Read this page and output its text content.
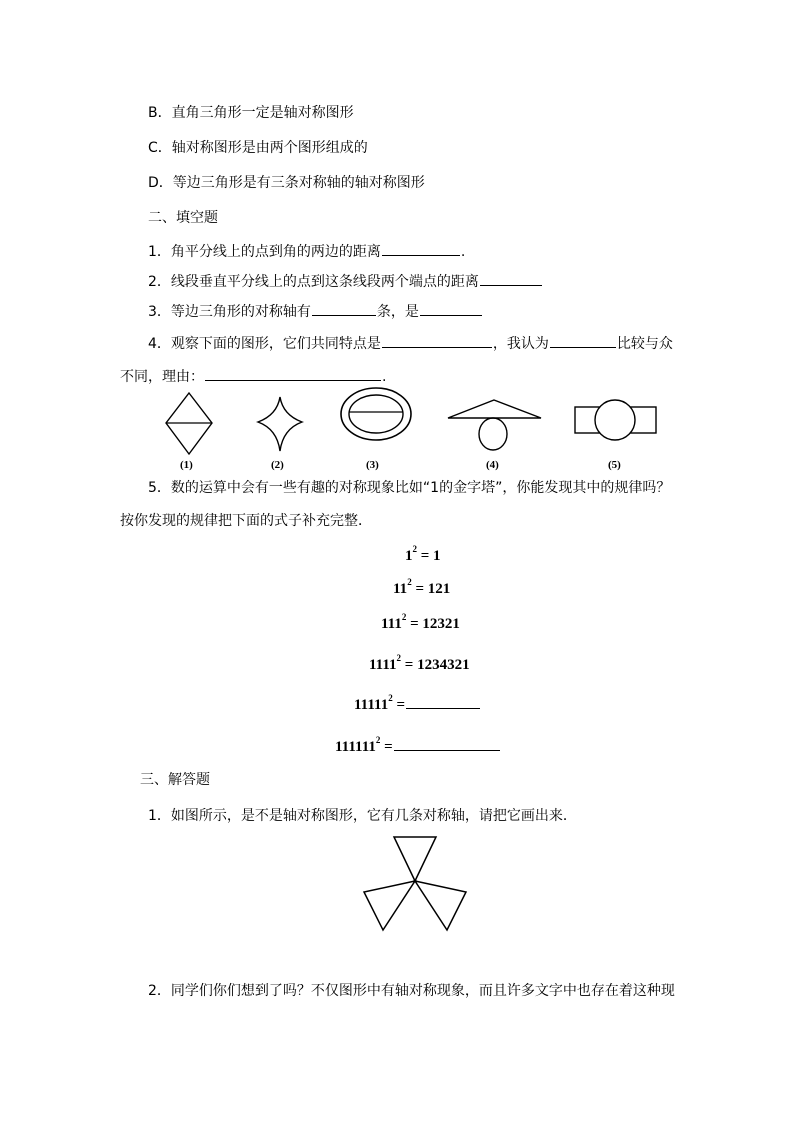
B．直角三角形一定是轴对称图形
C．轴对称图形是由两个图形组成的
D．等边三角形是有三条对称轴的轴对称图形
二、填空题
1．角平分线上的点到角的两边的距离	.
2．线段垂直平分线上的点到这条线段两个端点的距离
3．等边三角形的对称轴有	条，是
4．观察下面的图形，它们共同特点是	，我认为	比较与众
不同，理由：	.
(1)	(2)	(3)	(4)	(5)
5．数的运算中会有一些有趣的对称现象比如“1的金字塔”，你能发现其中的规律吗？
按你发现的规律把下面的式子补充完整．
$1^2 = 1$
$11^2 = 121$
$111^2 = 12321$
$1111^2 = 1234321$
$11111^2$ =
$111111^2$ =
三、解答题
1．如图所示，是不是轴对称图形，它有几条对称轴，请把它画出来．
2．同学们你们想到了吗？不仅图形中有轴对称现象，而且许多文字中也存在着这种现
